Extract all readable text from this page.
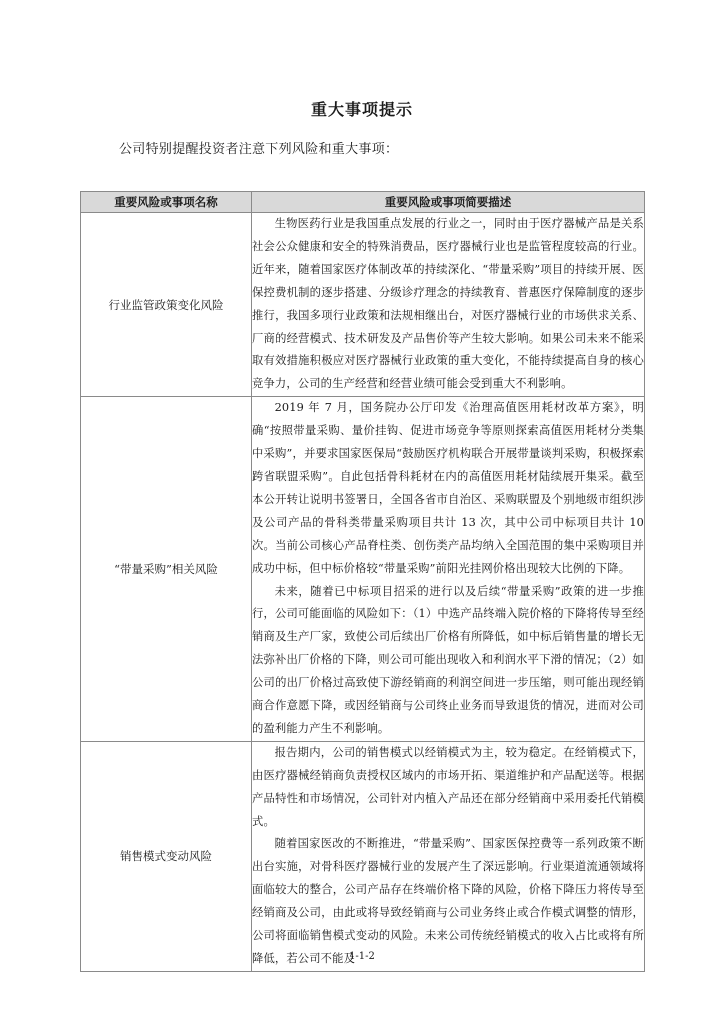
重大事项提示
公司特别提醒投资者注意下列风险和重大事项：
重要风险或事项名称	重要风险或事项简要描述
行业监管政策变化风险	生物医药行业是我国重点发展的行业之一，同时由于医疗器械产品是关系社会公众健康和安全的特殊消费品，医疗器械行业也是监管程度较高的行业。近年来，随着国家医疗体制改革的持续深化、“带量采购”项目的持续开展、医保控费机制的逐步搭建、分级诊疗理念的持续教育、普惠医疗保障制度的逐步推行，我国多项行业政策和法规相继出台，对医疗器械行业的市场供求关系、厂商的经营模式、技术研发及产品售价等产生较大影响。如果公司未来不能采取有效措施积极应对医疗器械行业政策的重大变化，不能持续提高自身的核心竞争力，公司的生产经营和经营业绩可能会受到重大不利影响。

“带量采购”相关风险	2019 年 7 月，国务院办公厅印发《治理高值医用耗材改革方案》，明确“按照带量采购、量价挂钩、促进市场竞争等原则探索高值医用耗材分类集中采购”，并要求国家医保局“鼓励医疗机构联合开展带量谈判采购，积极探索跨省联盟采购”。自此包括骨科耗材在内的高值医用耗材陆续展开集采。截至本公开转让说明书签署日，全国各省市自治区、采购联盟及个别地级市组织涉及公司产品的骨科类带量采购项目共计 13 次，其中公司中标项目共计 10 次。当前公司核心产品脊柱类、创伤类产品均纳入全国范围的集中采购项目并成功中标，但中标价格较“带量采购”前阳光挂网价格出现较大比例的下降。

未来，随着已中标项目招采的进行以及后续“带量采购”政策的进一步推行，公司可能面临的风险如下：（1）中选产品终端入院价格的下降将传导至经销商及生产厂家，致使公司后续出厂价格有所降低，如中标后销售量的增长无法弥补出厂价格的下降，则公司可能出现收入和利润水平下滑的情况；（2）如公司的出厂价格过高致使下游经销商的利润空间进一步压缩，则可能出现经销商合作意愿下降，或因经销商与公司终止业务而导致退货的情况，进而对公司的盈利能力产生不利影响。

销售模式变动风险	报告期内，公司的销售模式以经销模式为主，较为稳定。在经销模式下，由医疗器械经销商负责授权区域内的市场开拓、渠道维护和产品配送等。根据产品特性和市场情况，公司针对内植入产品还在部分经销商中采用委托代销模式。

随着国家医改的不断推进，“带量采购”、国家医保控费等一系列政策不断出台实施，对骨科医疗器械行业的发展产生了深远影响。行业渠道流通领域将面临较大的整合，公司产品存在终端价格下降的风险，价格下降压力将传导至经销商及公司，由此或将导致经销商与公司业务终止或合作模式调整的情形，公司将面临销售模式变动的风险。未来公司传统经销模式的收入占比或将有所降低，若公司不能及

1-1-2
